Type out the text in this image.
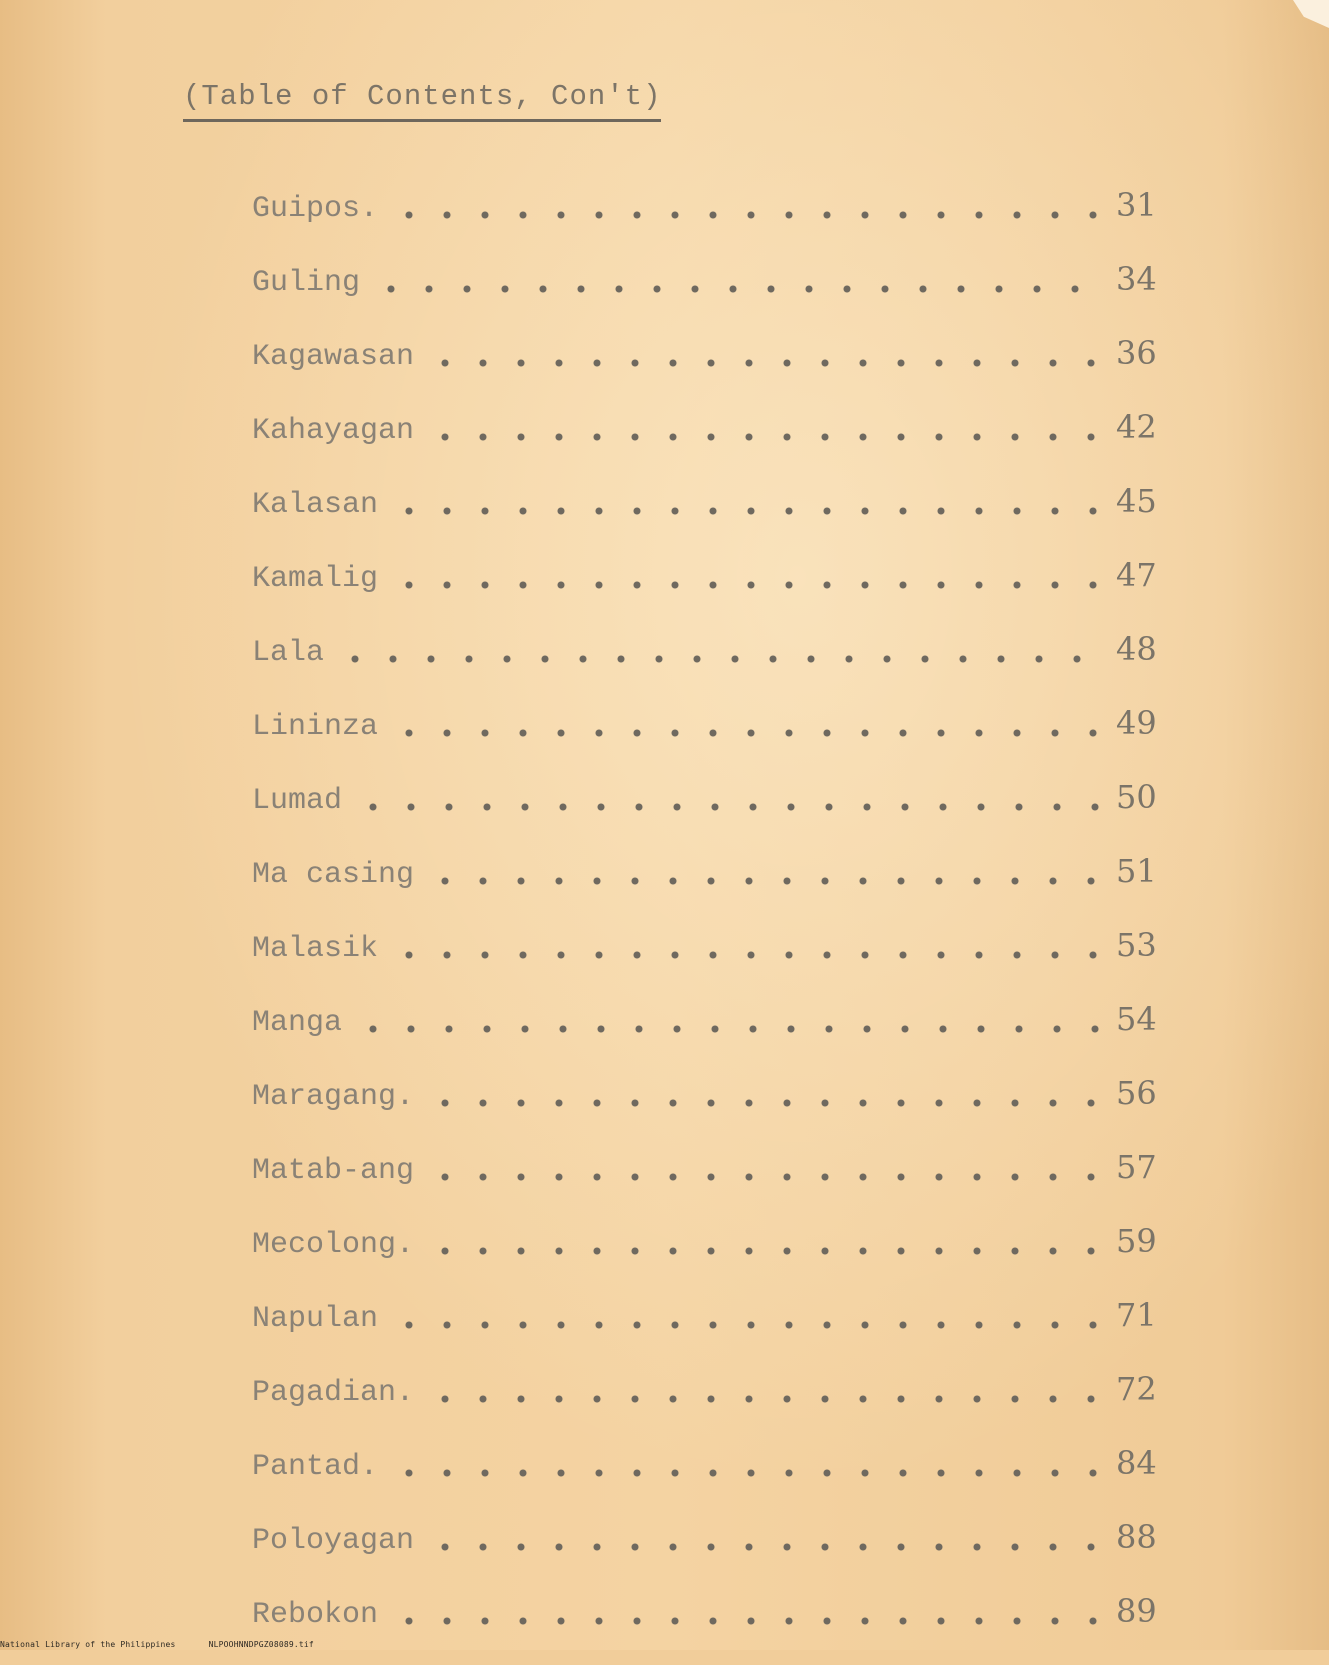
(Table of Contents, Con't)
Guipos.	31
Guling	34
Kagawasan	36
Kahayagan	42
Kalasan	45
Kamalig	47
Lala	48
Lininza	49
Lumad	50
Ma casing	51
Malasik	53
Manga	54
Maragang.	56
Matab-ang	57
Mecolong.	59
Napulan	71
Pagadian.	72
Pantad.	84
Poloyagan	88
Rebokon	89
National Library of the Philippines	NLPOOHNNDPGZ08089.tif
